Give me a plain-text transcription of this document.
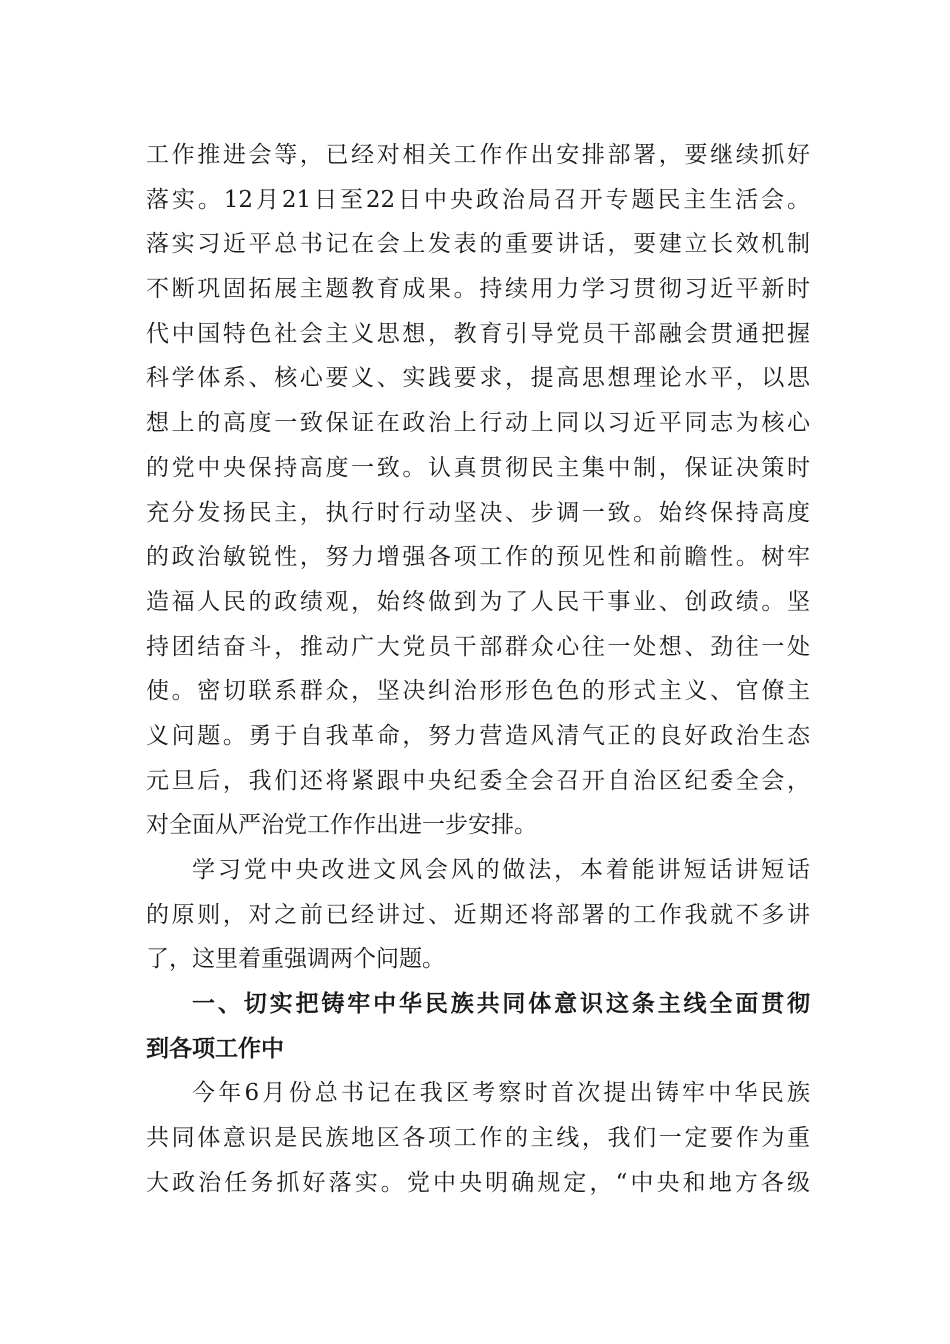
工作推进会等，已经对相关工作作出安排部署，要继续抓好
落实。12月21日至22日中央政治局召开专题民主生活会。
落实习近平总书记在会上发表的重要讲话，要建立长效机制
不断巩固拓展主题教育成果。持续用力学习贯彻习近平新时
代中国特色社会主义思想，教育引导党员干部融会贯通把握
科学体系、核心要义、实践要求，提高思想理论水平，以思
想上的高度一致保证在政治上行动上同以习近平同志为核心
的党中央保持高度一致。认真贯彻民主集中制，保证决策时
充分发扬民主，执行时行动坚决、步调一致。始终保持高度
的政治敏锐性，努力增强各项工作的预见性和前瞻性。树牢
造福人民的政绩观，始终做到为了人民干事业、创政绩。坚
持团结奋斗，推动广大党员干部群众心往一处想、劲往一处
使。密切联系群众，坚决纠治形形色色的形式主义、官僚主
义问题。勇于自我革命，努力营造风清气正的良好政治生态
元旦后，我们还将紧跟中央纪委全会召开自治区纪委全会，
对全面从严治党工作作出进一步安排。
学习党中央改进文风会风的做法，本着能讲短话讲短话
的原则，对之前已经讲过、近期还将部署的工作我就不多讲
了，这里着重强调两个问题。
一、切实把铸牢中华民族共同体意识这条主线全面贯彻
到各项工作中
今年6月份总书记在我区考察时首次提出铸牢中华民族
共同体意识是民族地区各项工作的主线，我们一定要作为重
大政治任务抓好落实。党中央明确规定，“中央和地方各级
